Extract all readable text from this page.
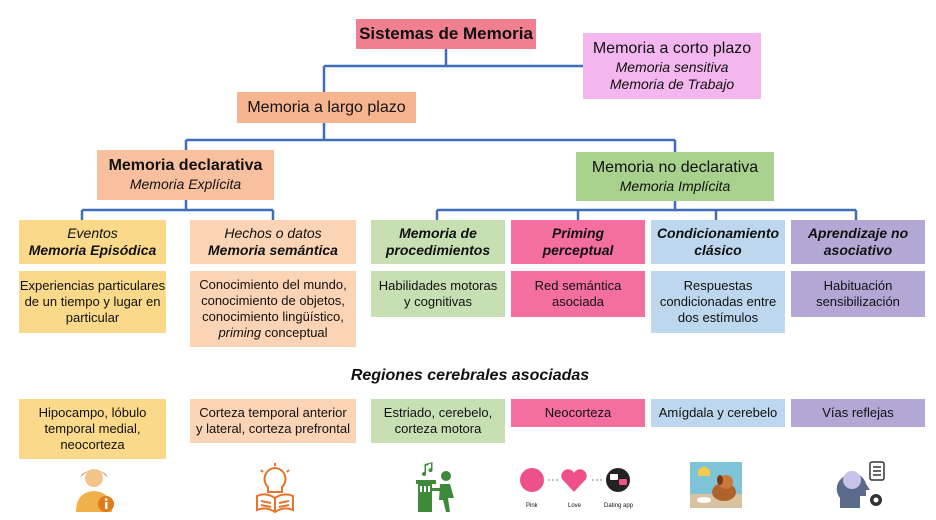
Sistemas de Memoria
Memoria a corto plazo
Memoria sensitiva
Memoria de Trabajo
Memoria a largo plazo
Memoria declarativa
Memoria Explícita
Memoria no declarativa
Memoria Implícita
Eventos
Memoria Episódica
Hechos o datos
Memoria semántica
Memoria de
procedimientos
Priming
perceptual
Condicionamiento
clásico
Aprendizaje no
asociativo
Experiencias particulares
de un tiempo y lugar en
particular
Conocimiento del mundo,
conocimiento de objetos,
conocimiento lingüístico,
priming conceptual
Habilidades motoras
y cognitivas
Red semántica
asociada
Respuestas
condicionadas entre
dos estímulos
Habituación
sensibilización
Regiones cerebrales asociadas
Hipocampo, lóbulo
temporal medial,
neocorteza
Corteza temporal anterior
y lateral, corteza prefrontal
Estriado, cerebelo,
corteza motora
Neocorteza	Amígdala y cerebelo	Vías reflejas
Pink	Love	Dating app
